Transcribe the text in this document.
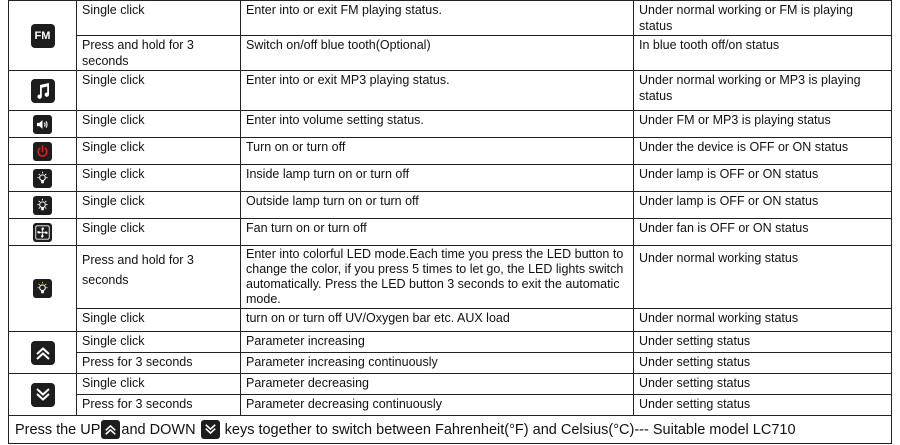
FM	Single click	Enter into or exit FM playing status.	Under normal working or FM is playing status
	Press and hold for 3 seconds	Switch on/off blue tooth(Optional)	In blue tooth off/on status

	Single click	Enter into or exit MP3 playing status.	Under normal working or MP3 is playing status

	Single click	Enter into volume setting status.	Under FM or MP3 is playing status

	Single click	Turn on or turn off	Under the device is OFF or ON status

	Single click	Inside lamp turn on or turn off	Under lamp is OFF or ON status

	Single click	Outside lamp turn on or turn off	Under lamp is OFF or ON status

	Single click	Fan turn on or turn off	Under fan is OFF or ON status

	Press and hold for 3 seconds	Enter into colorful LED mode.Each time you press the LED button to change the color, if you press 5 times to let go, the LED lights switch automatically. Press the LED button 3 seconds to exit the automatic mode.	Under normal working status
	Single click	turn on or turn off UV/Oxygen bar etc. AUX load	Under normal working status

	Single click	Parameter increasing	Under setting status
	Press for 3 seconds	Parameter increasing continuously	Under setting status

	Single click	Parameter decreasing	Under setting status
	Press for 3 seconds	Parameter decreasing continuously	Under setting status
Press the UP and DOWN keys together to switch between Fahrenheit(°F) and Celsius(°C)--- Suitable model LC710			
